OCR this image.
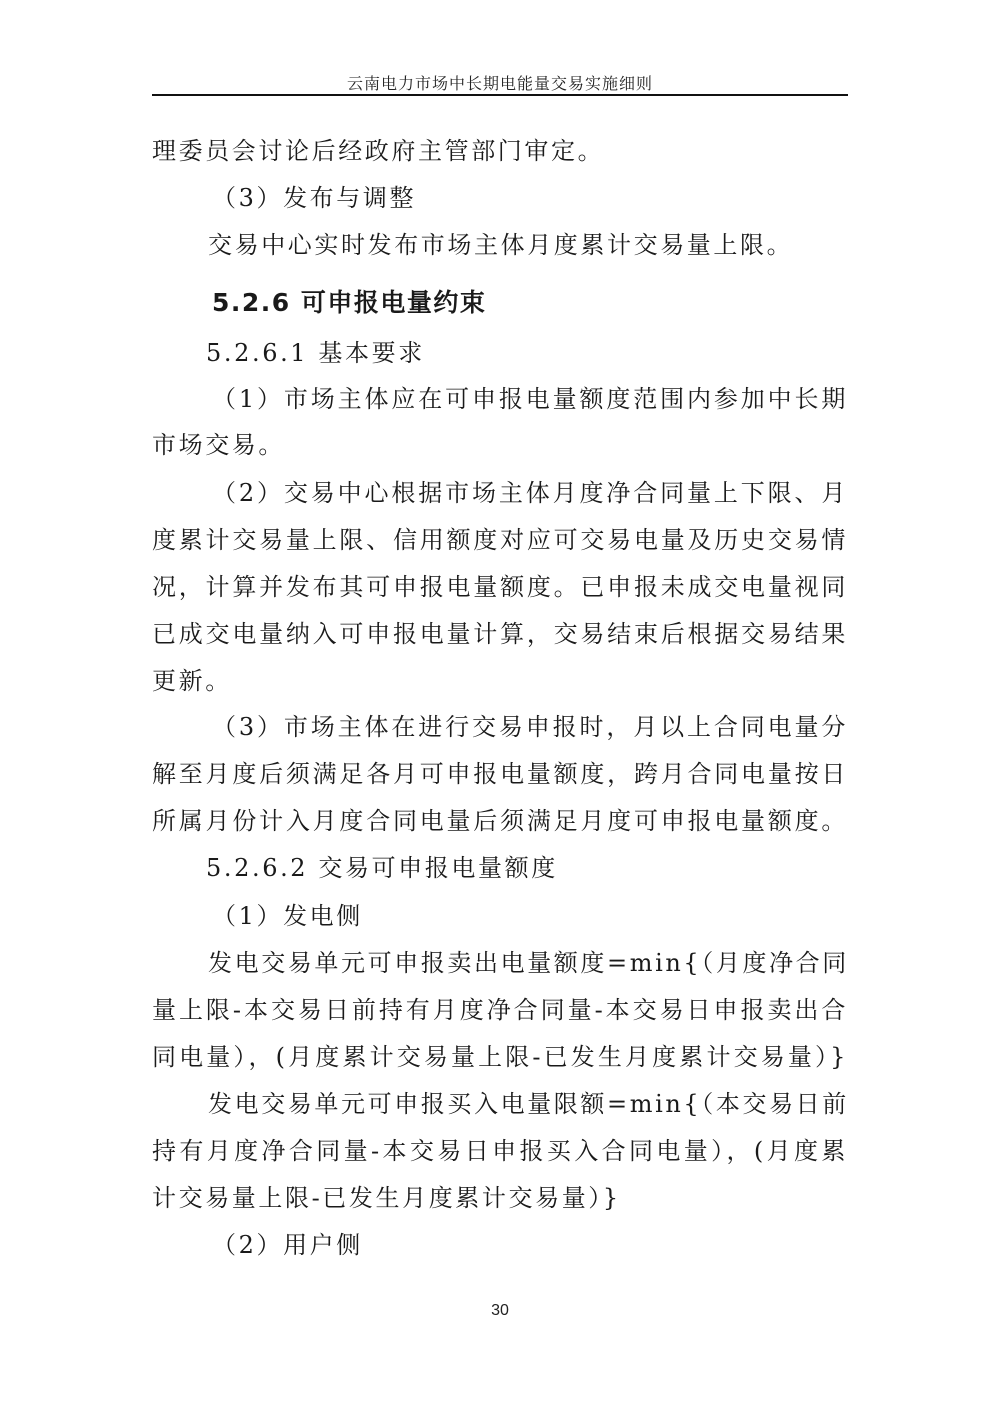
云南电力市场中长期电能量交易实施细则
理委员会讨论后经政府主管部门审定。
（3）发布与调整
交易中心实时发布市场主体月度累计交易量上限。
5.2.6 可申报电量约束
5.2.6.1 基本要求
（1）市场主体应在可申报电量额度范围内参加中长期
市场交易。
（2）交易中心根据市场主体月度净合同量上下限、月
度累计交易量上限、信用额度对应可交易电量及历史交易情
况，计算并发布其可申报电量额度。已申报未成交电量视同
已成交电量纳入可申报电量计算，交易结束后根据交易结果
更新。
（3）市场主体在进行交易申报时，月以上合同电量分
解至月度后须满足各月可申报电量额度，跨月合同电量按日
所属月份计入月度合同电量后须满足月度可申报电量额度。
5.2.6.2 交易可申报电量额度
（1）发电侧
发电交易单元可申报卖出电量额度=min{（月度净合同
量上限-本交易日前持有月度净合同量-本交易日申报卖出合
同电量），(月度累计交易量上限-已发生月度累计交易量）}
发电交易单元可申报买入电量限额=min{（本交易日前
持有月度净合同量-本交易日申报买入合同电量），(月度累
计交易量上限-已发生月度累计交易量）}
（2）用户侧
30
